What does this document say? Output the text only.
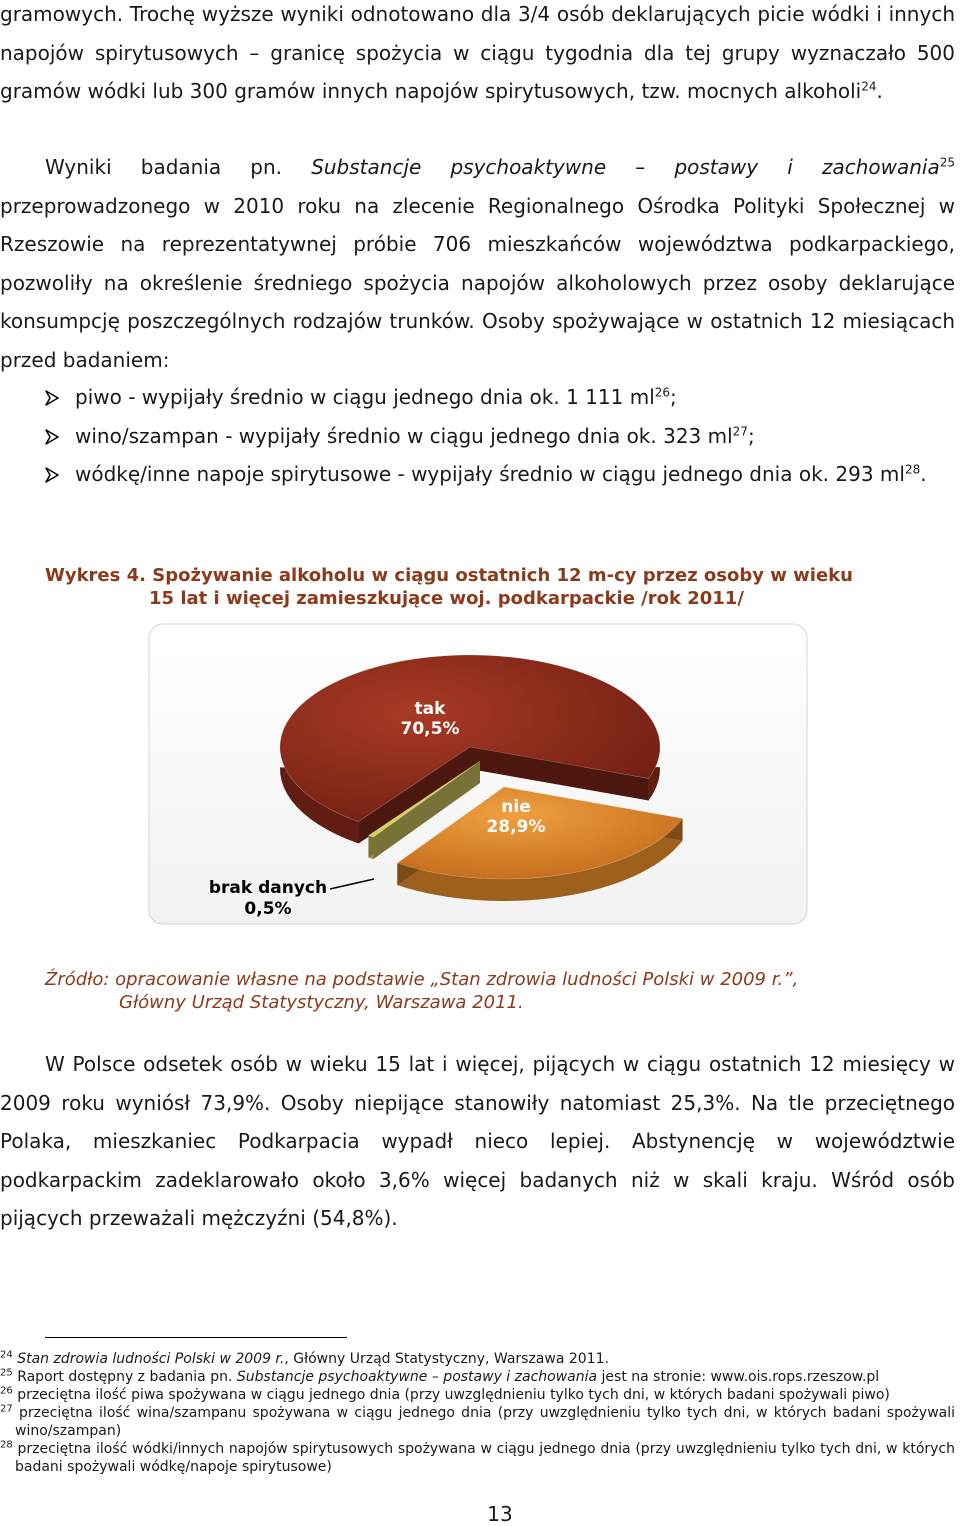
gramowych. Trochę wyższe wyniki odnotowano dla 3/4 osób deklarujących picie wódki i innych napojów spirytusowych – granicę spożycia w ciągu tygodnia dla tej grupy wyznaczało 500 gramów wódki lub 300 gramów innych napojów spirytusowych, tzw. mocnych alkoholi$^{24}$.

Wyniki badania pn. Substancje psychoaktywne – postawy i zachowania$^{25}$ przeprowadzonego w 2010 roku na zlecenie Regionalnego Ośrodka Polityki Społecznej w Rzeszowie na reprezentatywnej próbie 706 mieszkańców województwa podkarpackiego, pozwoliły na określenie średniego spożycia napojów alkoholowych przez osoby deklarujące konsumpcję poszczególnych rodzajów trunków. Osoby spożywające w ostatnich 12 miesiącach przed badaniem:

piwo - wypijały średnio w ciągu jednego dnia ok. 1 111 $ml^{26}$;
wino/szampan - wypijały średnio w ciągu jednego dnia ok. 323 $ml^{27}$;
wódkę/inne napoje spirytusowe - wypijały średnio w ciągu jednego dnia ok. 293 $ml^{28}$.

Wykres 4. Spożywanie alkoholu w ciągu ostatnich 12 m-cy przez osoby w wieku
15 lat i więcej zamieszkujące woj. podkarpackie /rok 2011/

tak
70,5%
nie
28,9%
brak danych
0,5%

Źródło: opracowanie własne na podstawie „Stan zdrowia ludności Polski w 2009 r.”,
Główny Urząd Statystyczny, Warszawa 2011.

W Polsce odsetek osób w wieku 15 lat i więcej, pijących w ciągu ostatnich 12 miesięcy w 2009 roku wyniósł 73,9%. Osoby niepijące stanowiły natomiast 25,3%. Na tle przeciętnego Polaka, mieszkaniec Podkarpacia wypadł nieco lepiej. Abstynencję w województwie podkarpackim zadeklarowało około 3,6% więcej badanych niż w skali kraju. Wśród osób pijących przeważali mężczyźni (54,8%).

$^{24}$ Stan zdrowia ludności Polski w 2009 r., Główny Urząd Statystyczny, Warszawa 2011.

$^{25}$ Raport dostępny z badania pn. Substancje psychoaktywne – postawy i zachowania jest na stronie: www.ois.rops.rzeszow.pl

$^{26}$ przeciętna ilość piwa spożywana w ciągu jednego dnia (przy uwzględnieniu tylko tych dni, w których badani spożywali piwo)

$^{27}$ przeciętna ilość wina/szampanu spożywana w ciągu jednego dnia (przy uwzględnieniu tylko tych dni, w których badani spożywali wino/szampan)

$^{28}$ przeciętna ilość wódki/innych napojów spirytusowych spożywana w ciągu jednego dnia (przy uwzględnieniu tylko tych dni, w których badani spożywali wódkę/napoje spirytusowe)

13
